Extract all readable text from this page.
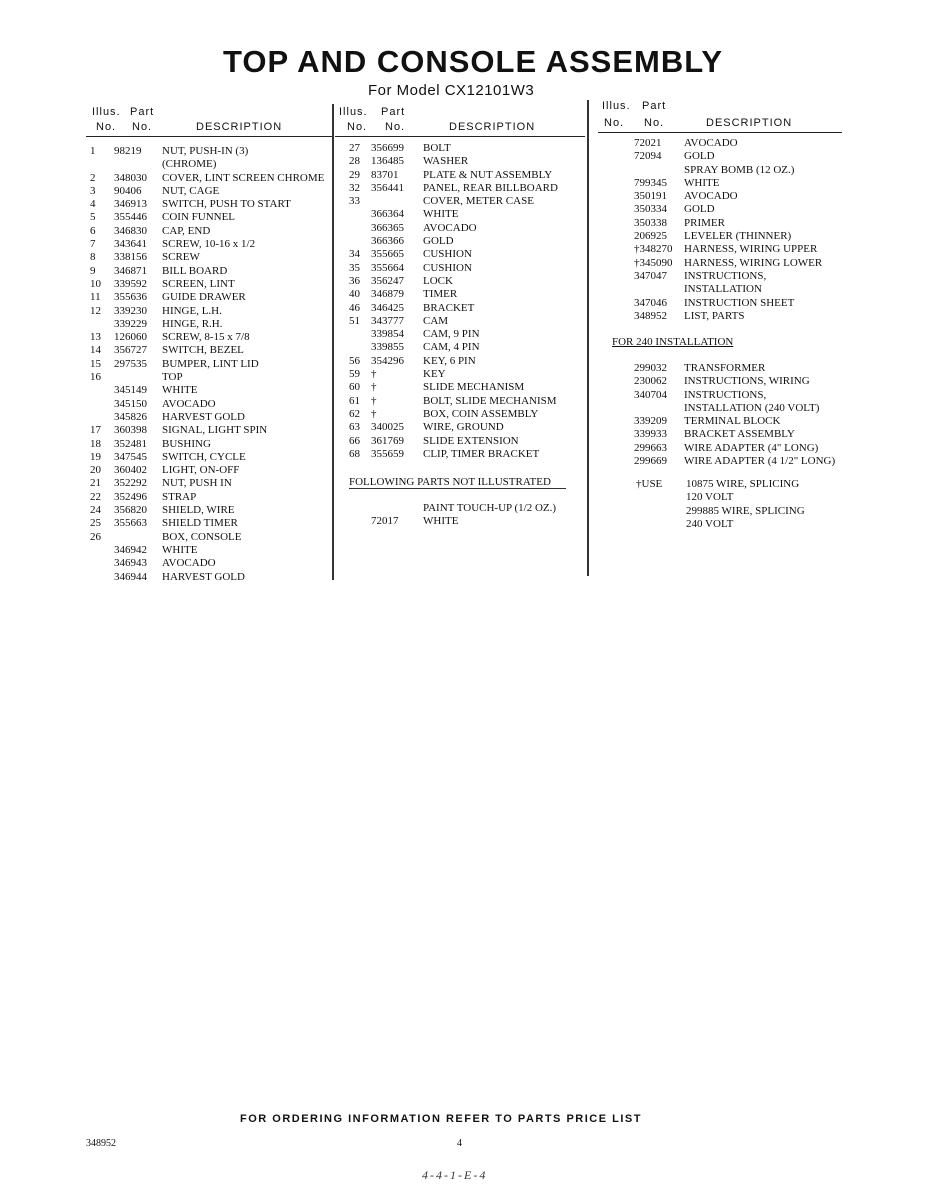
TOP AND CONSOLE ASSEMBLY
For Model CX12101W3
Illus. Part
No. No.	DESCRIPTION
1 98219 NUT, PUSH-IN (3)
(CHROME)
2 348030 COVER, LINT SCREEN CHROME
3 90406 NUT, CAGE
4 346913 SWITCH, PUSH TO START
5 355446 COIN FUNNEL
6 346830 CAP, END
7 343641 SCREW, 10-16 x 1/2
8 338156 SCREW
9 346871 BILL BOARD
10 339592 SCREEN, LINT
11 355636 GUIDE DRAWER
12 339230 HINGE, L.H.
339229 HINGE, R.H.
13 126060 SCREW, 8-15 x 7/8
14 356727 SWITCH, BEZEL
15 297535 BUMPER, LINT LID
16	TOP
345149 WHITE
345150 AVOCADO
345826 HARVEST GOLD
17 360398 SIGNAL, LIGHT SPIN
18 352481 BUSHING
19 347545 SWITCH, CYCLE
20 360402 LIGHT, ON-OFF
21 352292 NUT, PUSH IN
22 352496 STRAP
24 356820 SHIELD, WIRE
25 355663 SHIELD TIMER
26	BOX, CONSOLE
346942 WHITE
346943 AVOCADO
346944 HARVEST GOLD
Illus. Part
No. No.	DESCRIPTION
27 356699 BOLT
28 136485 WASHER
29 83701 PLATE & NUT ASSEMBLY
32 356441 PANEL, REAR BILLBOARD
33	COVER, METER CASE
366364 WHITE
366365 AVOCADO
366366 GOLD
34 355665 CUSHION
35 355664 CUSHION
36 356247 LOCK
40 346879 TIMER
46 346425 BRACKET
51 343777 CAM
339854 CAM, 9 PIN
339855 CAM, 4 PIN
56 354296 KEY, 6 PIN
59 †	KEY
60 †	SLIDE MECHANISM
61 †	BOLT, SLIDE MECHANISM
62 †	BOX, COIN ASSEMBLY
63 340025 WIRE, GROUND
66 361769 SLIDE EXTENSION
68 355659 CLIP, TIMER BRACKET
FOLLOWING PARTS NOT ILLUSTRATED
PAINT TOUCH-UP (1/2 OZ.)
72017 WHITE
Illus. Part
No. No.	DESCRIPTION
72021 AVOCADO
72094 GOLD
SPRAY BOMB (12 OZ.)
799345 WHITE
350191 AVOCADO
350334 GOLD
350338 PRIMER
206925 LEVELER (THINNER)
†348270 HARNESS, WIRING UPPER
†345090 HARNESS, WIRING LOWER
347047 INSTRUCTIONS,
INSTALLATION
347046 INSTRUCTION SHEET
348952 LIST, PARTS
FOR 240 INSTALLATION
299032 TRANSFORMER
230062 INSTRUCTIONS, WIRING
340704 INSTRUCTIONS,
INSTALLATION (240 VOLT)
339209 TERMINAL BLOCK
339933 BRACKET ASSEMBLY
299663 WIRE ADAPTER (4" LONG)
299669 WIRE ADAPTER (4 1/2" LONG)
†USE 10875 WIRE, SPLICING
120 VOLT
299885 WIRE, SPLICING
240 VOLT
FOR ORDERING INFORMATION REFER TO PARTS PRICE LIST
348952	4
4-4-1-E-4
